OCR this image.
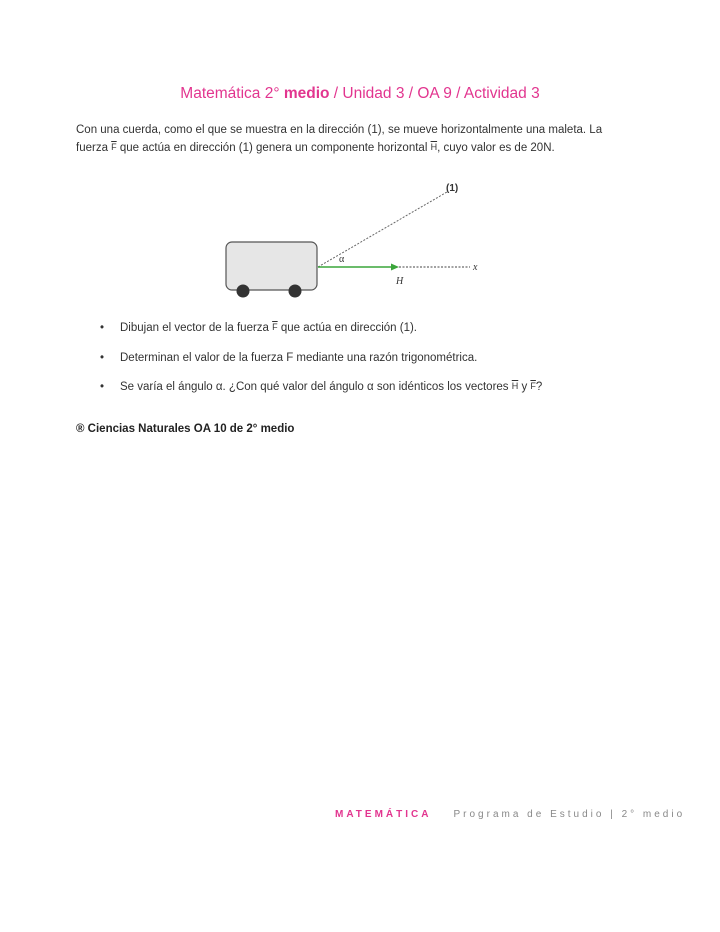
Matemática 2° medio / Unidad 3 / OA 9 / Actividad 3
Con una cuerda, como el que se muestra en la dirección (1), se mueve horizontalmente una maleta. La fuerza $\overline{F}$ que actúa en dirección (1) genera un componente horizontal $\overline{H}$, cuyo valor es de 20N.
(1)
α
H
x
• Dibujan el vector de la fuerza $\overline{F}$ que actúa en dirección (1).
• Determinan el valor de la fuerza F mediante una razón trigonométrica.
• Se varía el ángulo α. ¿Con qué valor del ángulo α son idénticos los vectores $\overline{H}$ y $\overline{F}$?
® Ciencias Naturales OA 10 de 2° medio
MATEMÁTICA Programa de Estudio | 2° medio
